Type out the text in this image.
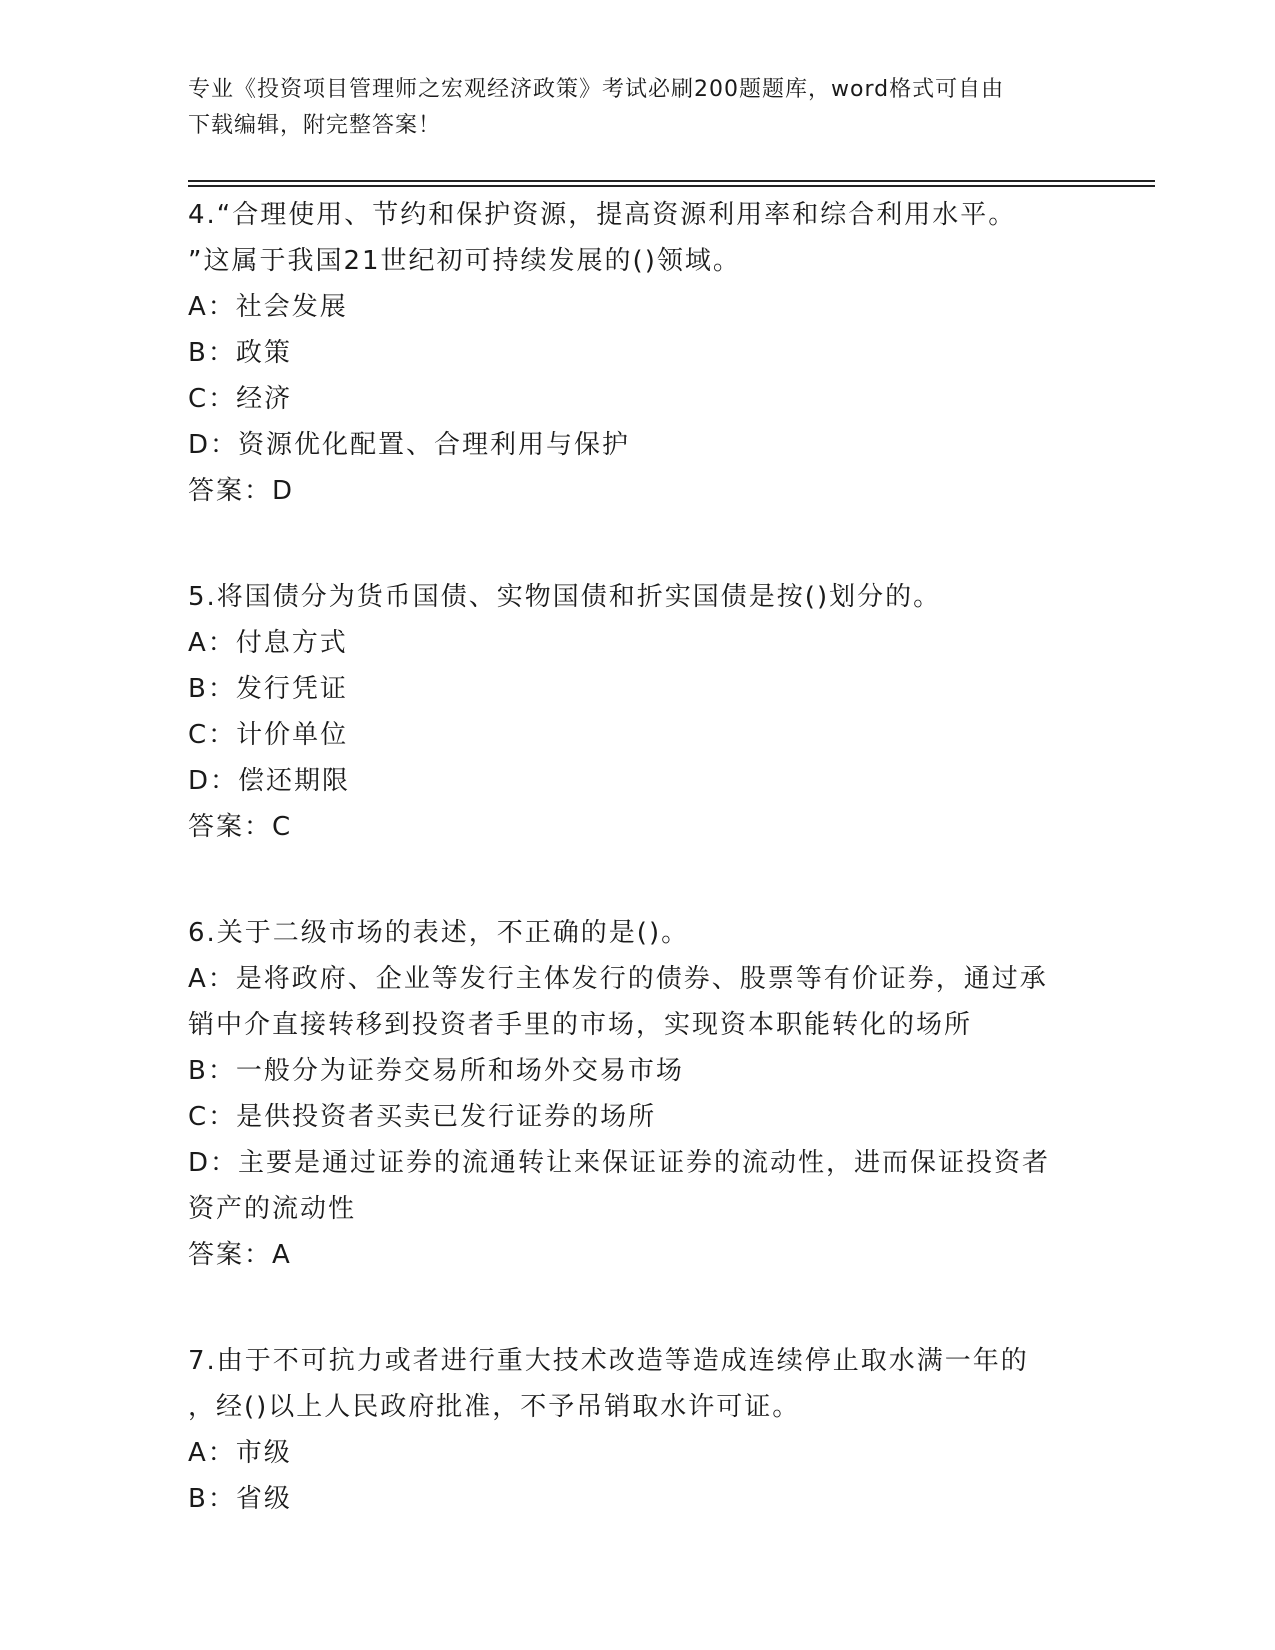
专业《投资项目管理师之宏观经济政策》考试必刷200题题库，word格式可自由
下载编辑，附完整答案！
4.“合理使用、节约和保护资源，提高资源利用率和综合利用水平。
”这属于我国21世纪初可持续发展的()领域。
A：社会发展
B：政策
C：经济
D：资源优化配置、合理利用与保护
答案：D
5.将国债分为货币国债、实物国债和折实国债是按()划分的。
A：付息方式
B：发行凭证
C：计价单位
D：偿还期限
答案：C
6.关于二级市场的表述，不正确的是()。
A：是将政府、企业等发行主体发行的债券、股票等有价证券，通过承
销中介直接转移到投资者手里的市场，实现资本职能转化的场所
B：一般分为证券交易所和场外交易市场
C：是供投资者买卖已发行证券的场所
D：主要是通过证券的流通转让来保证证券的流动性，进而保证投资者
资产的流动性
答案：A
7.由于不可抗力或者进行重大技术改造等造成连续停止取水满一年的
，经()以上人民政府批准，不予吊销取水许可证。
A：市级
B：省级
